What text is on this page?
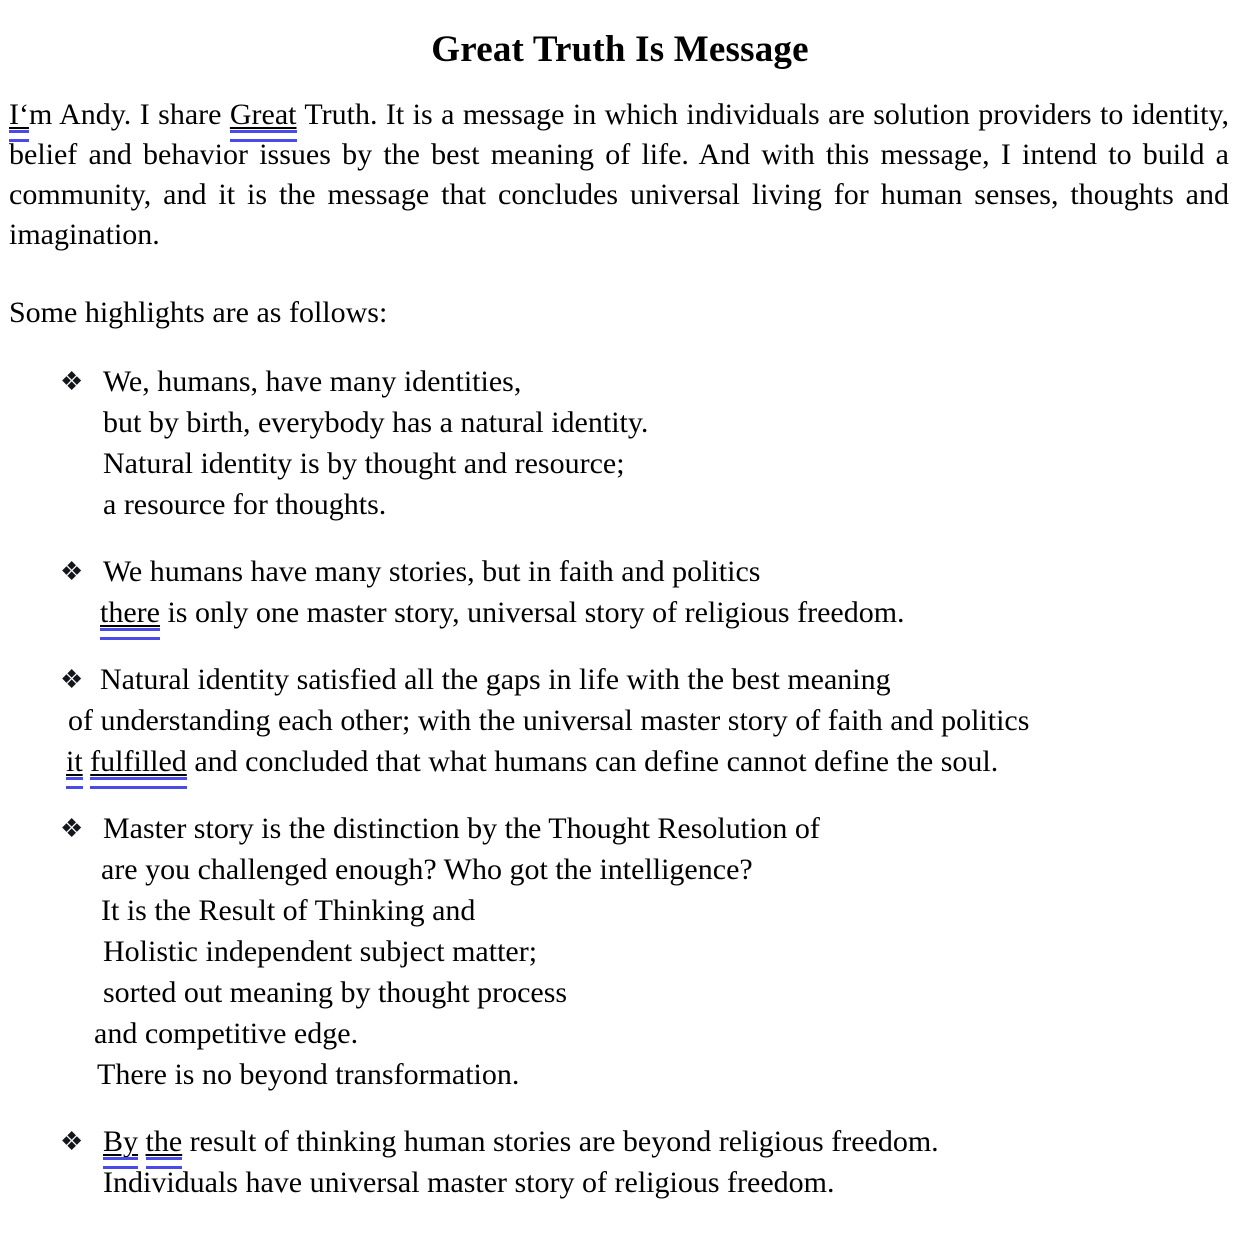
Great Truth Is Message

I‘m Andy. I share Great Truth. It is a message in which individuals are solution providers to identity, belief and behavior issues by the best meaning of life. And with this message, I intend to build a community, and it is the message that concludes universal living for human senses, thoughts and imagination.

Some highlights are as follows:

❖ We, humans, have many identities,
but by birth, everybody has a natural identity.
Natural identity is by thought and resource;
a resource for thoughts.
❖ We humans have many stories, but in faith and politics
there is only one master story, universal story of religious freedom.
❖ Natural identity satisfied all the gaps in life with the best meaning
of understanding each other; with the universal master story of faith and politics
it fulfilled and concluded that what humans can define cannot define the soul.
❖ Master story is the distinction by the Thought Resolution of
are you challenged enough? Who got the intelligence?
It is the Result of Thinking and
Holistic independent subject matter;
sorted out meaning by thought process
and competitive edge.
There is no beyond transformation.
❖ By the result of thinking human stories are beyond religious freedom.
Individuals have universal master story of religious freedom.
